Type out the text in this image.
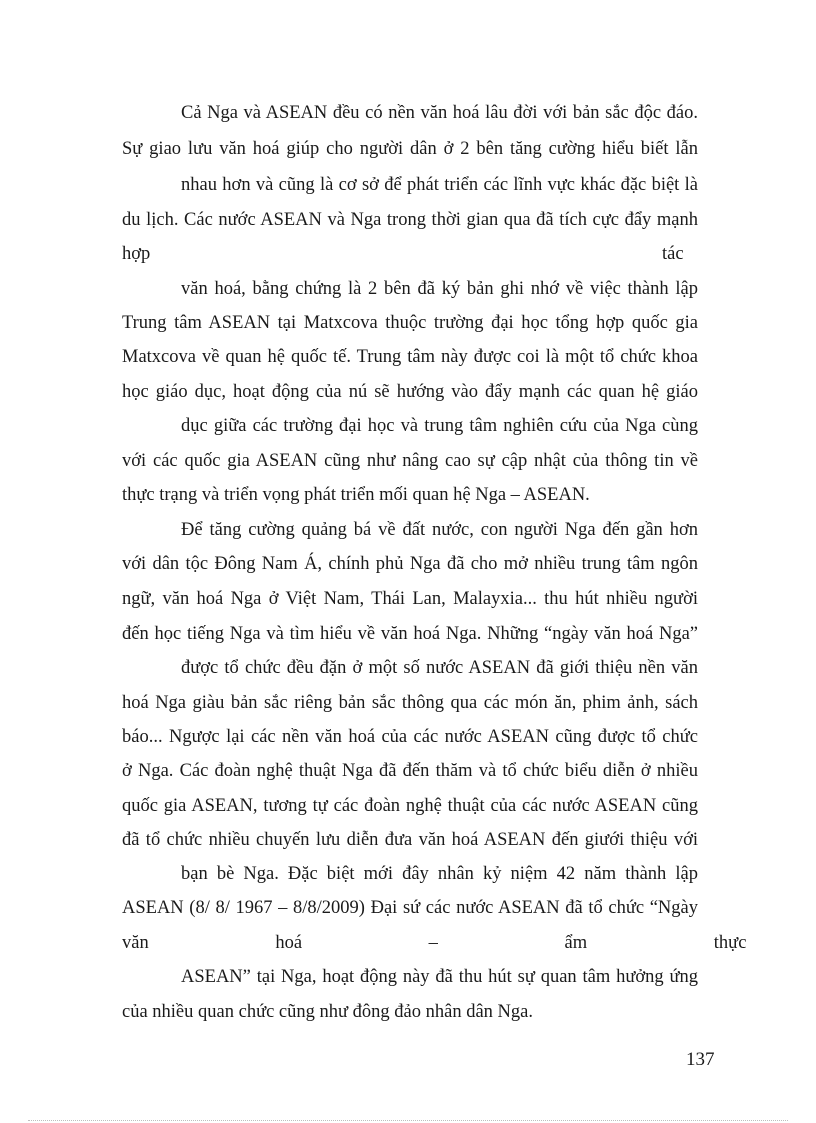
Cả Nga và ASEAN đều có nền văn hoá lâu đời với bản sắc độc đáo.
Sự giao lưu văn hoá giúp cho người dân ở 2 bên tăng cường hiểu biết lẫn
nhau hơn và cũng là cơ sở để phát triển các lĩnh vực khác đặc biệt là
du lịch. Các nước ASEAN và Nga trong thời gian qua đã tích cực đẩy mạnh
hợp	tác
văn hoá, bằng chứng là 2 bên đã ký bản ghi nhớ về việc thành lập
Trung tâm ASEAN tại Matxcova thuộc trường đại học tổng hợp quốc gia
Matxcova về quan hệ quốc tế. Trung tâm này được coi là một tổ chức khoa
học giáo dục, hoạt động của nú sẽ hướng vào đẩy mạnh các quan hệ giáo
dục giữa các trường đại học và trung tâm nghiên cứu của Nga cùng
với các quốc gia ASEAN cũng như nâng cao sự cập nhật của thông tin về
thực trạng và triển vọng phát triển mối quan hệ Nga – ASEAN.
Để tăng cường quảng bá về đất nước, con người Nga đến gần hơn
với dân tộc Đông Nam Á, chính phủ Nga đã cho mở nhiều trung tâm ngôn
ngữ, văn hoá Nga ở Việt Nam, Thái Lan, Malayxia... thu hút nhiều người
đến học tiếng Nga và tìm hiểu về văn hoá Nga. Những “ngày văn hoá Nga”
được tổ chức đều đặn ở một số nước ASEAN đã giới thiệu nền văn
hoá Nga giàu bản sắc riêng bản sắc thông qua các món ăn, phim ảnh, sách
báo... Ngược lại các nền văn hoá của các nước ASEAN cũng được tổ chức
ở Nga. Các đoàn nghệ thuật Nga đã đến thăm và tổ chức biểu diễn ở nhiều
quốc gia ASEAN, tương tự các đoàn nghệ thuật của các nước ASEAN cũng
đã tổ chức nhiều chuyến lưu diễn đưa văn hoá ASEAN đến giưới thiệu với
bạn bè Nga. Đặc biệt mới đây nhân kỷ niệm 42 năm thành lập
ASEAN (8/ 8/ 1967 – 8/8/2009) Đại sứ các nước ASEAN đã tổ chức “Ngày
văn hoá – ẩm thực
ASEAN” tại Nga, hoạt động này đã thu hút sự quan tâm hưởng ứng
của nhiều quan chức cũng như đông đảo nhân dân Nga.
137
